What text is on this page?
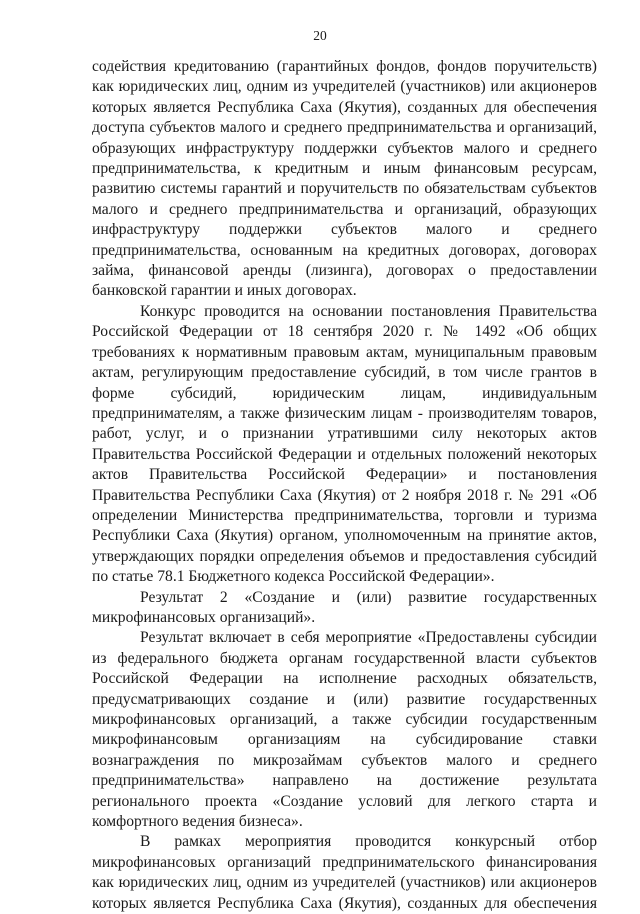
20

содействия кредитованию (гарантийных фондов, фондов поручительств) как юридических лиц, одним из учредителей (участников) или акционеров которых является Республика Саха (Якутия), созданных для обеспечения доступа субъектов малого и среднего предпринимательства и организаций, образующих инфраструктуру поддержки субъектов малого и среднего предпринимательства, к кредитным и иным финансовым ресурсам, развитию системы гарантий и поручительств по обязательствам субъектов малого и среднего предпринимательства и организаций, образующих инфраструктуру поддержки субъектов малого и среднего предпринимательства, основанным на кредитных договорах, договорах займа, финансовой аренды (лизинга), договорах о предоставлении банковской гарантии и иных договорах.

Конкурс проводится на основании постановления Правительства Российской Федерации от 18 сентября 2020 г. № 1492 «Об общих требованиях к нормативным правовым актам, муниципальным правовым актам, регулирующим предоставление субсидий, в том числе грантов в форме субсидий, юридическим лицам, индивидуальным предпринимателям, а также физическим лицам - производителям товаров, работ, услуг, и о признании утратившими силу некоторых актов Правительства Российской Федерации и отдельных положений некоторых актов Правительства Российской Федерации» и постановления Правительства Республики Саха (Якутия) от 2 ноября 2018 г. № 291 «Об определении Министерства предпринимательства, торговли и туризма Республики Саха (Якутия) органом, уполномоченным на принятие актов, утверждающих порядки определения объемов и предоставления субсидий по статье 78.1 Бюджетного кодекса Российской Федерации».

Результат 2 «Создание и (или) развитие государственных микрофинансовых организаций».

Результат включает в себя мероприятие «Предоставлены субсидии из федерального бюджета органам государственной власти субъектов Российской Федерации на исполнение расходных обязательств, предусматривающих создание и (или) развитие государственных микрофинансовых организаций, а также субсидии государственным микрофинансовым организациям на субсидирование ставки вознаграждения по микрозаймам субъектов малого и среднего предпринимательства» направлено на достижение результата регионального проекта «Создание условий для легкого старта и комфортного ведения бизнеса».

В рамках мероприятия проводится конкурсный отбор микрофинансовых организаций предпринимательского финансирования как юридических лиц, одним из учредителей (участников) или акционеров которых является Республика Саха (Якутия), созданных для обеспечения
